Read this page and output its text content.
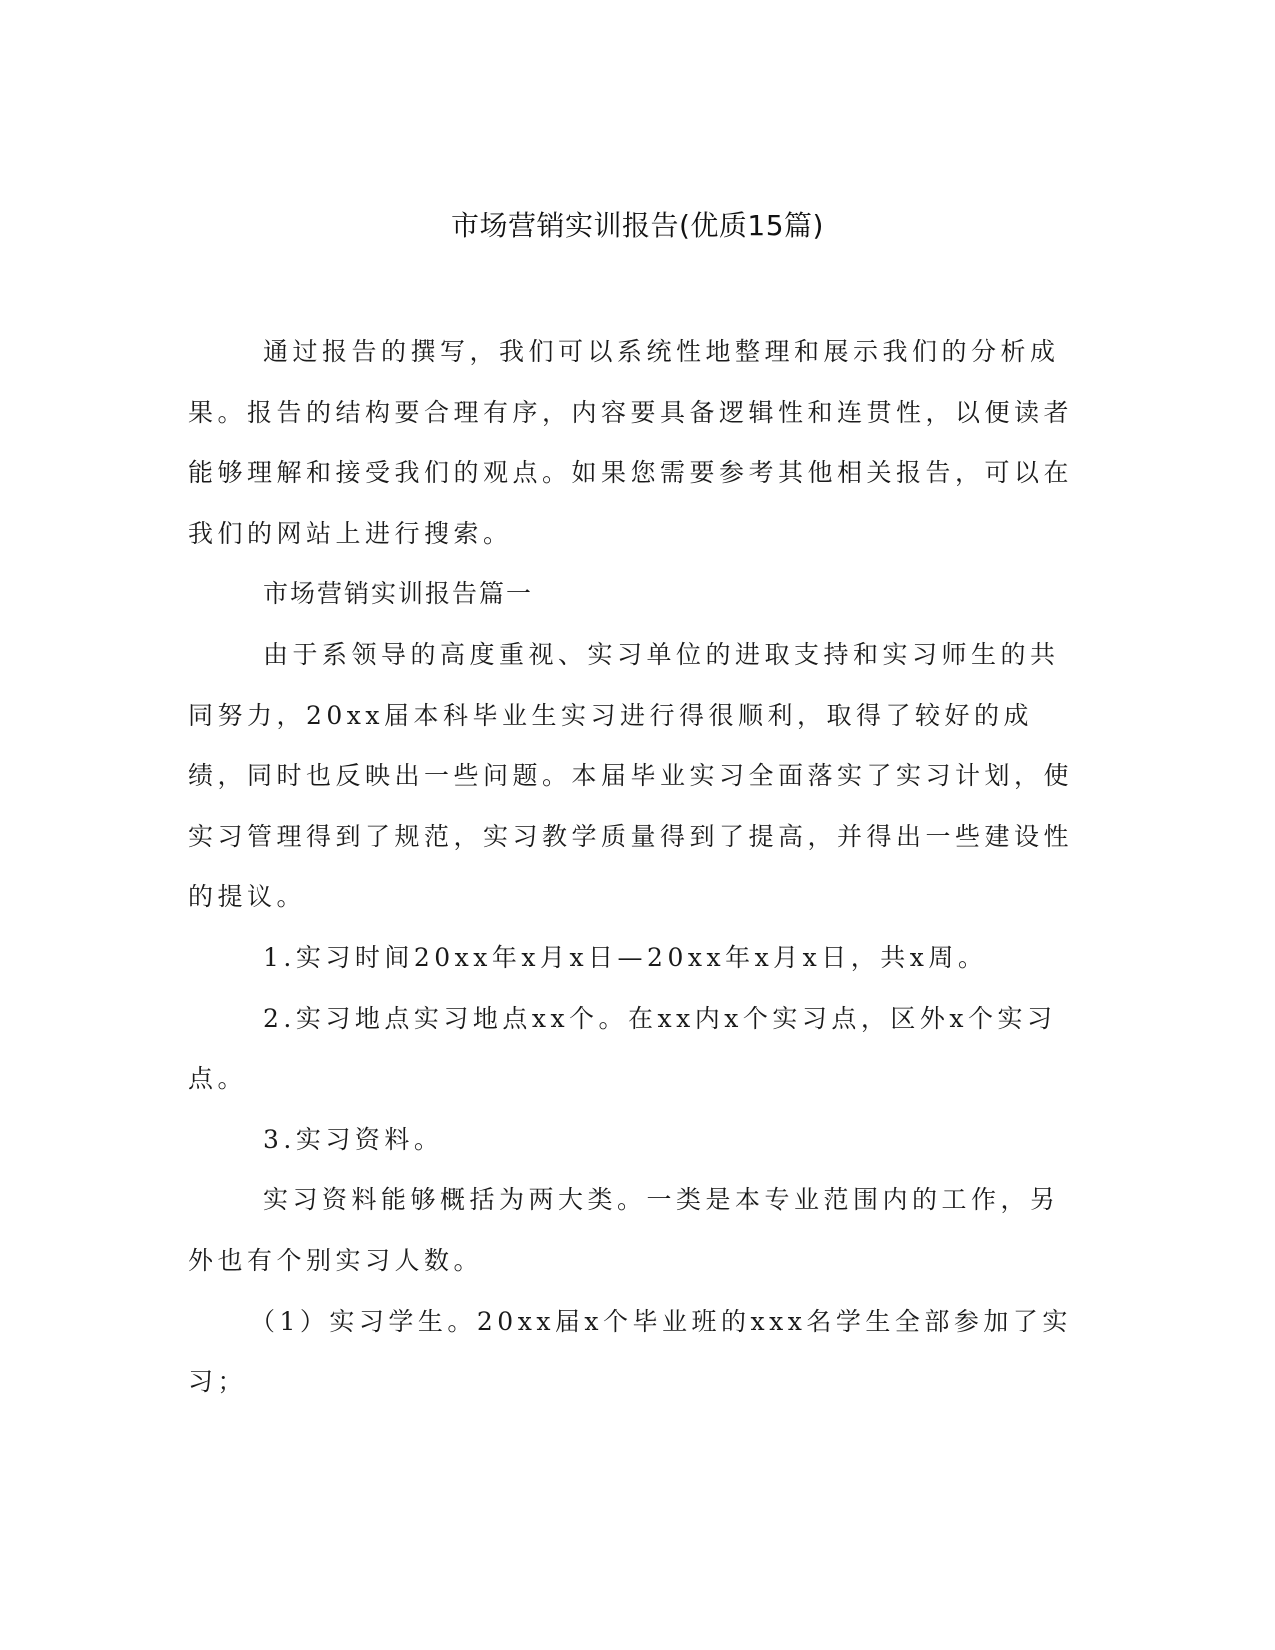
市场营销实训报告(优质15篇)

通过报告的撰写，我们可以系统性地整理和展示我们的分析成果。报告的结构要合理有序，内容要具备逻辑性和连贯性，以便读者能够理解和接受我们的观点。如果您需要参考其他相关报告，可以在我们的网站上进行搜索。

市场营销实训报告篇一

由于系领导的高度重视、实习单位的进取支持和实习师生的共同努力，20xx届本科毕业生实习进行得很顺利，取得了较好的成绩，同时也反映出一些问题。本届毕业实习全面落实了实习计划，使实习管理得到了规范，实习教学质量得到了提高，并得出一些建设性的提议。

1.实习时间20xx年x月x日—20xx年x月x日，共x周。

2.实习地点实习地点xx个。在xx内x个实习点，区外x个实习点。

3.实习资料。

实习资料能够概括为两大类。一类是本专业范围内的工作，另外也有个别实习人数。

（1）实习学生。20xx届x个毕业班的xxx名学生全部参加了实习；
